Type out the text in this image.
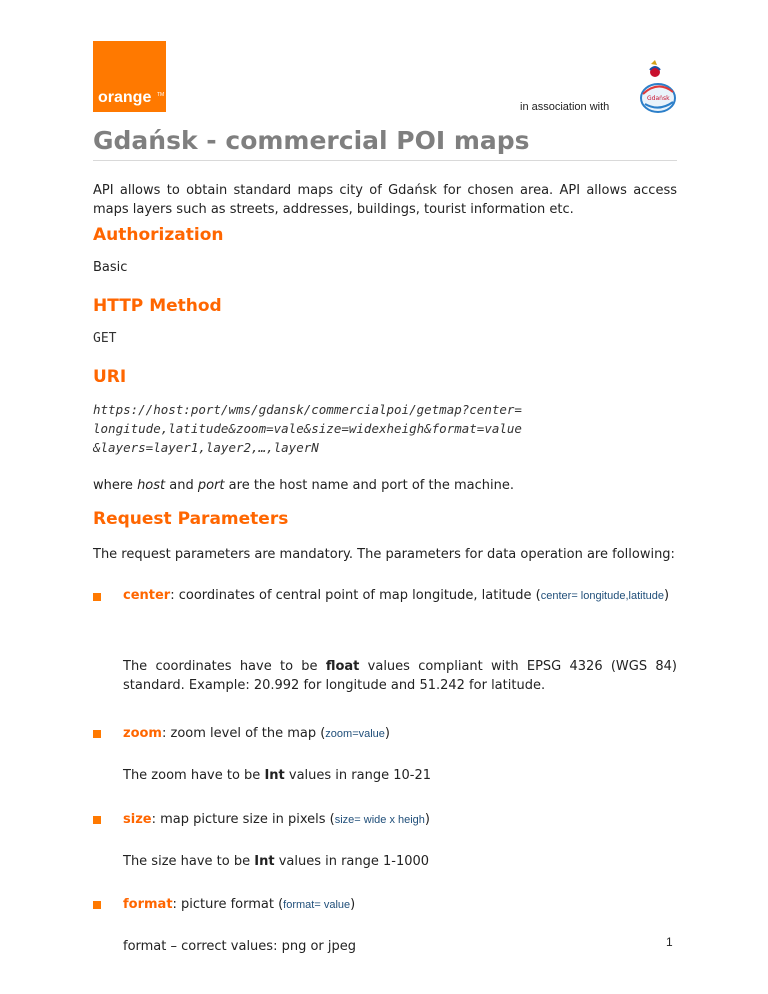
orange TM
in association with
Gdańsk
Gdańsk - commercial POI maps

API allows to obtain standard maps city of Gdańsk for chosen area. API allows access maps layers such as streets, addresses, buildings, tourist information etc.

Authorization

Basic

HTTP Method

GET

URI
https://host:port/wms/gdansk/commercialpoi/getmap?center=
longitude,latitude&zoom=vale&size=widexheigh&format=value
&layers=layer1,layer2,…,layerN

where host and port are the host name and port of the machine.

Request Parameters

The request parameters are mandatory. The parameters for data operation are following:

center: coordinates of central point of map longitude, latitude (center= longitude,latitude)

The coordinates have to be float values compliant with EPSG 4326 (WGS 84) standard. Example: 20.992 for longitude and 51.242 for latitude.

zoom: zoom level of the map (zoom=value)

The zoom have to be Int values in range 10-21

size: map picture size in pixels (size= wide x heigh)

The size have to be Int values in range 1-1000

format: picture format (format= value)

format – correct values: png or jpeg	1
